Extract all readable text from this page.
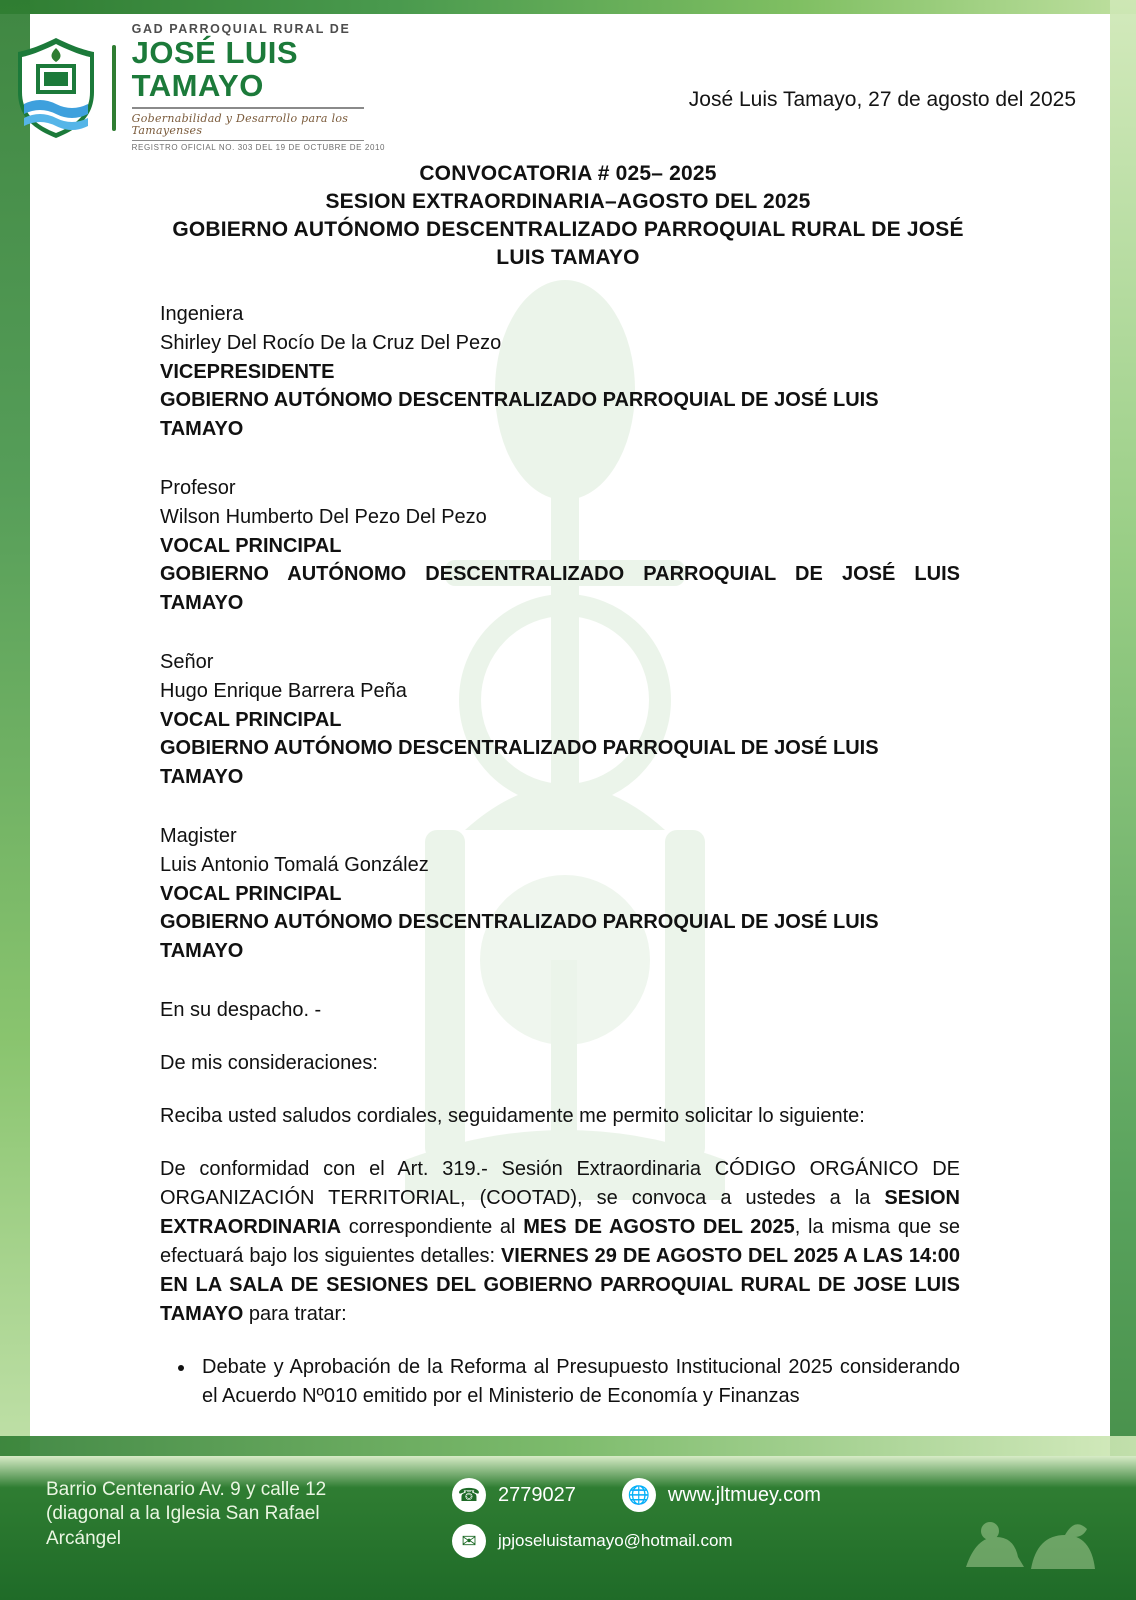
GAD PARROQUIAL RURAL DE
JOSÉ LUIS TAMAYO
Gobernabilidad y Desarrollo para los Tamayenses
REGISTRO OFICIAL NO. 303 DEL 19 DE OCTUBRE DE 2010
José Luis Tamayo, 27 de agosto del 2025
CONVOCATORIA # 025– 2025
SESION EXTRAORDINARIA–AGOSTO DEL 2025
GOBIERNO AUTÓNOMO DESCENTRALIZADO PARROQUIAL RURAL DE JOSÉ LUIS TAMAYO
Ingeniera
Shirley Del Rocío De la Cruz Del Pezo
VICEPRESIDENTE
GOBIERNO AUTÓNOMO DESCENTRALIZADO PARROQUIAL DE JOSÉ LUIS TAMAYO
Profesor
Wilson Humberto Del Pezo Del Pezo
VOCAL PRINCIPAL
GOBIERNO AUTÓNOMO DESCENTRALIZADO PARROQUIAL DE JOSÉ LUIS TAMAYO
Señor
Hugo Enrique Barrera Peña
VOCAL PRINCIPAL
GOBIERNO AUTÓNOMO DESCENTRALIZADO PARROQUIAL DE JOSÉ LUIS TAMAYO
Magister
Luis Antonio Tomalá González
VOCAL PRINCIPAL
GOBIERNO AUTÓNOMO DESCENTRALIZADO PARROQUIAL DE JOSÉ LUIS TAMAYO

En su despacho. -

De mis consideraciones:

Reciba usted saludos cordiales, seguidamente me permito solicitar lo siguiente:

De conformidad con el Art. 319.- Sesión Extraordinaria CÓDIGO ORGÁNICO DE ORGANIZACIÓN TERRITORIAL, (COOTAD), se convoca a ustedes a la SESION EXTRAORDINARIA correspondiente al MES DE AGOSTO DEL 2025, la misma que se efectuará bajo los siguientes detalles: VIERNES 29 DE AGOSTO DEL 2025 A LAS 14:00 EN LA SALA DE SESIONES DEL GOBIERNO PARROQUIAL RURAL DE JOSE LUIS TAMAYO para tratar:

• Debate y Aprobación de la Reforma al Presupuesto Institucional 2025 considerando el Acuerdo Nº010 emitido por el Ministerio de Economía y Finanzas
Barrio Centenario Av. 9 y calle 12 (diagonal a la Iglesia San Rafael Arcángel
☎ 2779027	🌐 www.jltmuey.com
✉	jpjoseluistamayo@hotmail.com
